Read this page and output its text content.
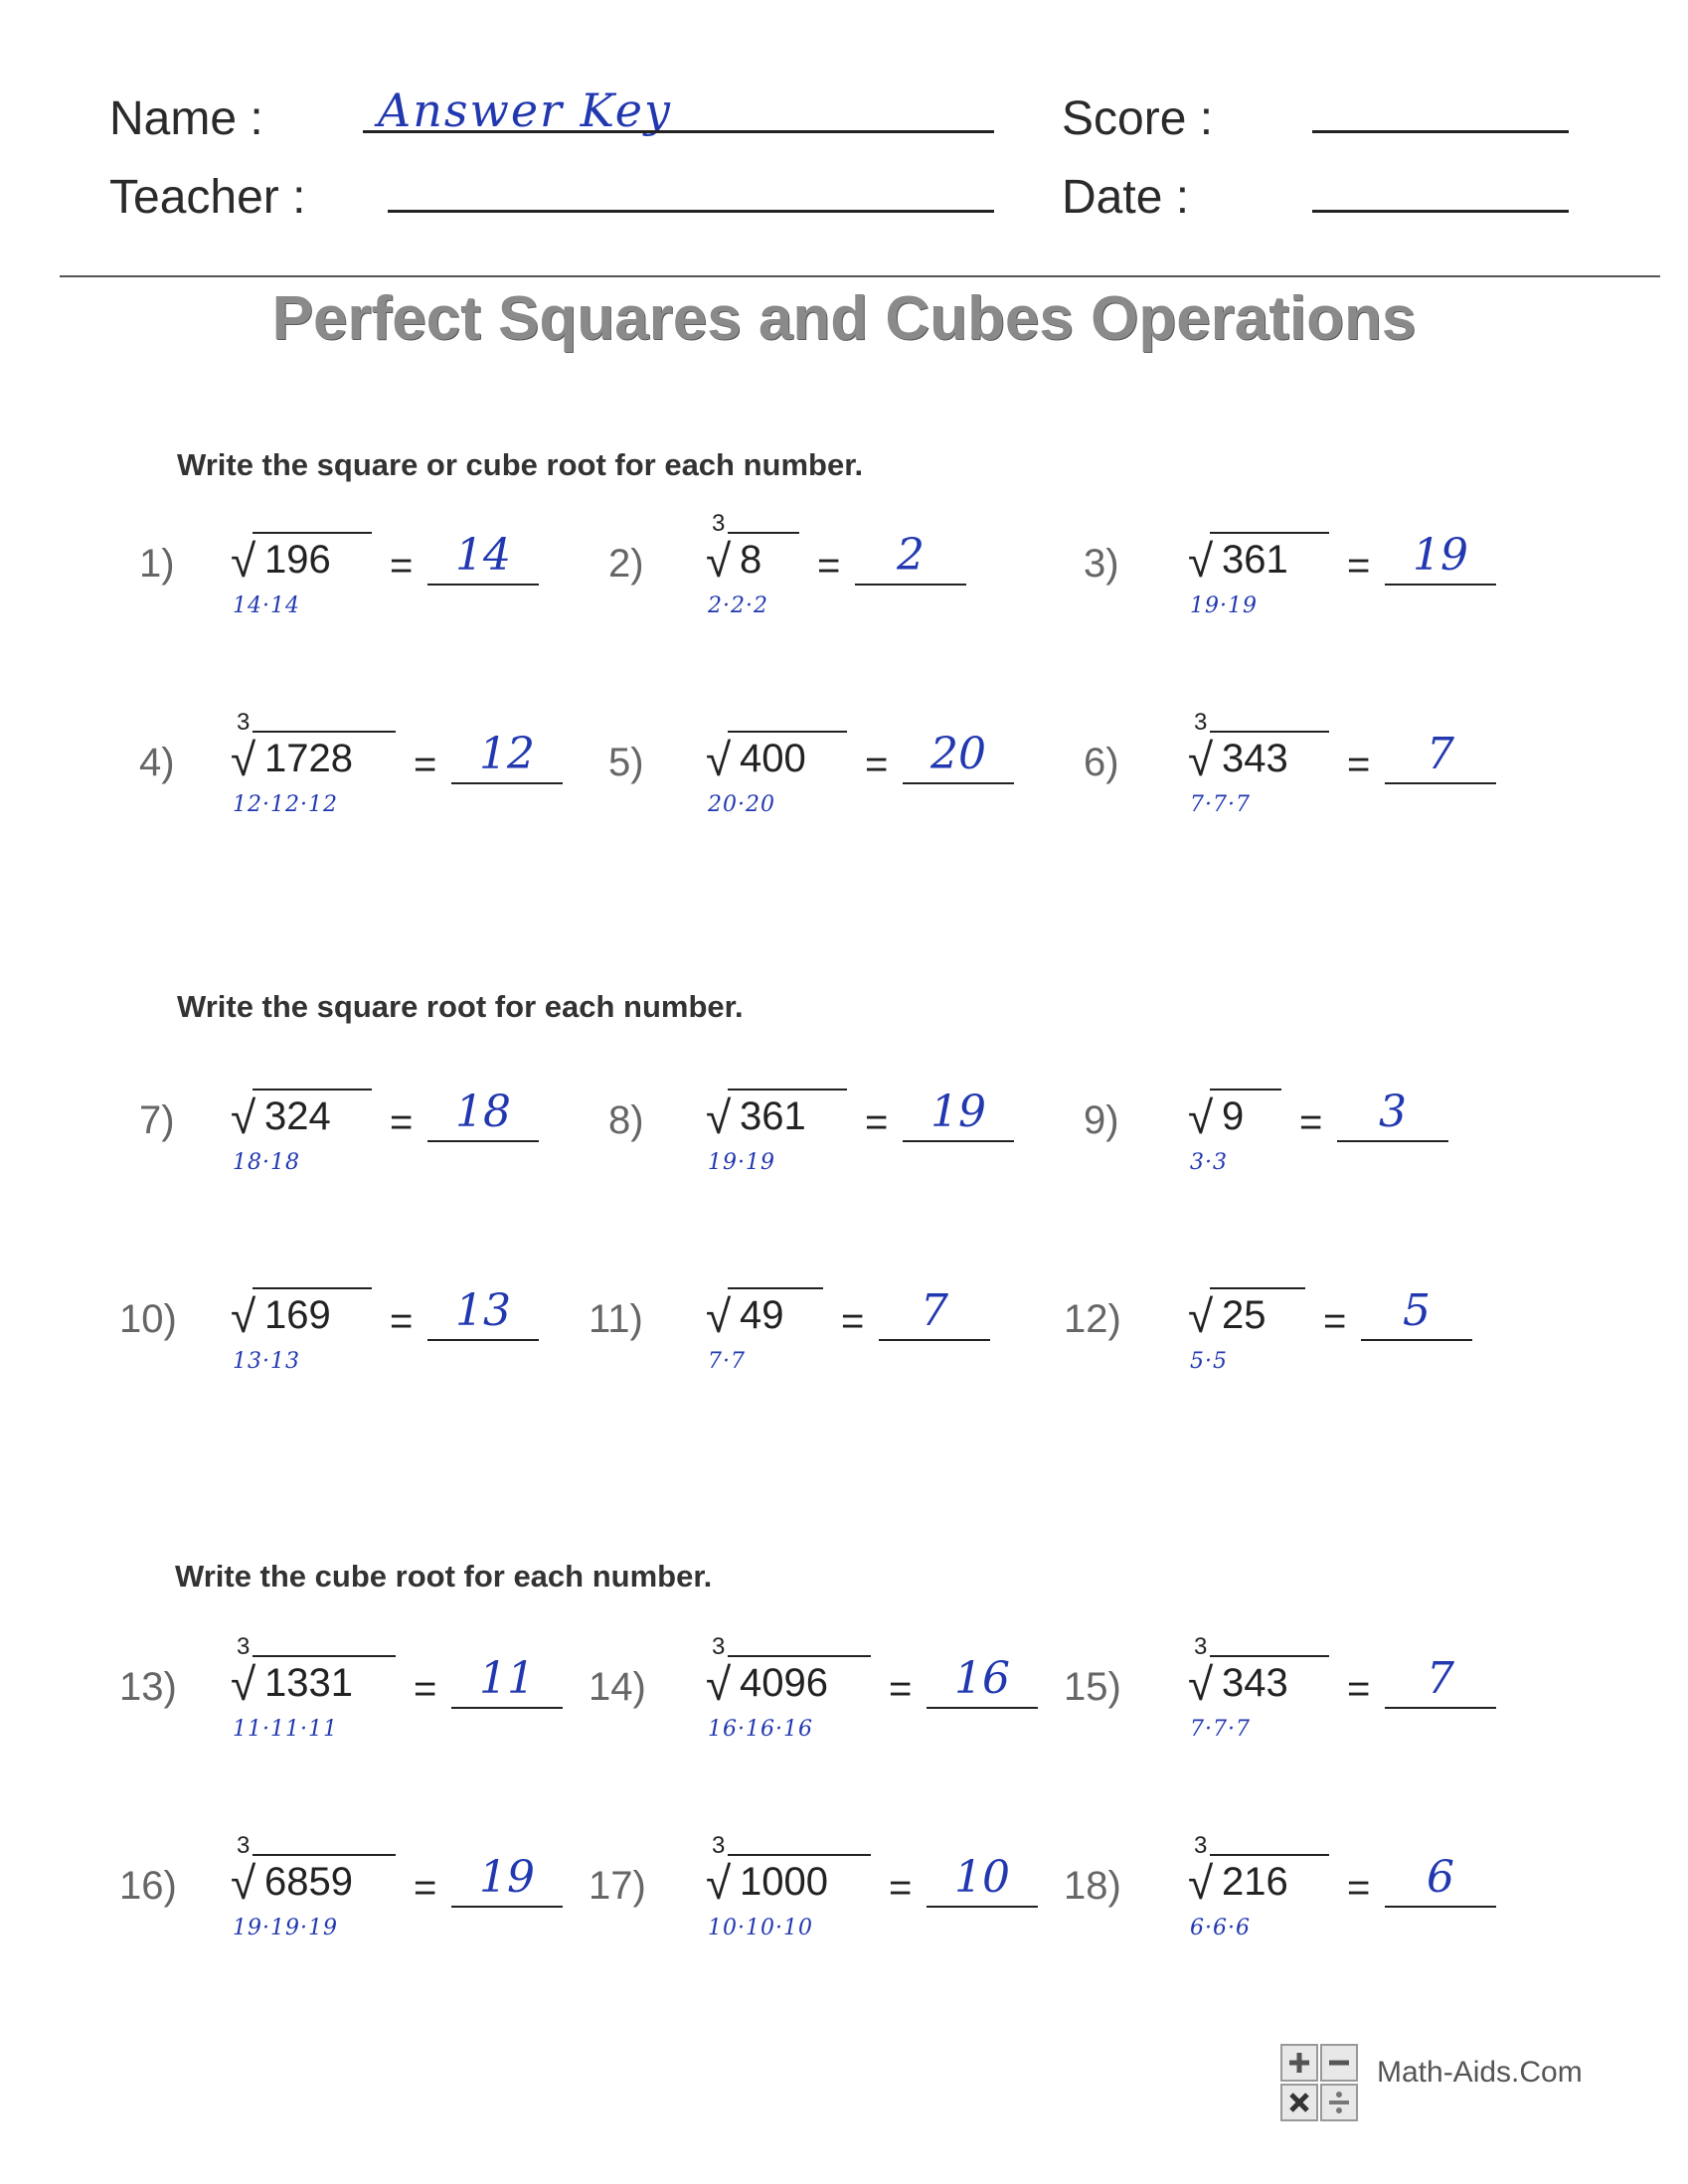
Name :	Answer Key
Teacher :
Score :
Date :
Perfect Squares and Cubes Operations
Write the square or cube root for each number.
Write the square root for each number.
Write the cube root for each number.
1) √ 196 = 14
14·14
2)
3
√ 8 =	2
2·2·2
3) √ 361 = 19
19·19
4)
3
√ 1728 = 12
12·12·12
5) √ 400 = 20
20·20
6)
3
√ 343 =	7
7·7·7
7) √ 324 = 18
18·18
8) √ 361 = 19
19·19
9) √ 9 =	3
3·3
10) √ 169 = 13
13·13
11) √ 49 =	7
7·7
12) √ 25 =	5
5·5
13)
3
√ 1331 = 11
11·11·11
14)
3
√ 4096 = 16
16·16·16
15)
3
√ 343 =	7
7·7·7
16)
3
√ 6859 = 19
19·19·19
17)
3
√ 1000 = 10
10·10·10
18)
3
√ 216 =	6
6·6·6
Math-Aids.Com
